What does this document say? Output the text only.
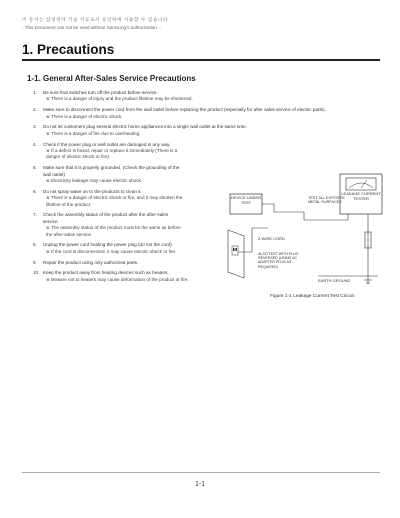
이 문서는 삼성전자 기술 자료로서 승인하에 사용할 수 있습니다
- This Document can not be used without Samsung's authorization. -
1. Precautions
1-1. General After-Sales Service Precautions
1. Be sure that switches turn off the product before service.
※ There is a danger of injury and the product lifetime may be shortened.
2. Make sure to disconnect the power cord from the wall outlet before replacing the product (especially for after sales service of electric parts).
※ There is a danger of electric shock.
3. Do not let customers plug several electric home appliances into a single wall outlet at the same time.
※ There is a danger of fire due to overheating.
4. Check if the power plug or wall outlet are damaged in any way.
※ If a defect is found, repair or replace it immediately (There is a danger of electric shock or fire).
5. Make sure that it is properly grounded. (Check the grounding of the wall outlet)
※ Electricity leakage may cause electric shock.
6. Do not spray water on to the products to clean it.
※ There is a danger of electric shock or fire, and it may shorten the lifetime of the product.
7. Check the assembly status of the product after the after-sales service.
※ The assembly status of the product must be the same as before the after-sales service.
8. Unplug the power cord holding the power plug (do not the cord).
※ If the cord is disconnected, it may cause electric shock or fire.
9. Repair the product using only authorized parts.
10. Keep the product away from heating devices such as heaters.
※ Beware not to heaters may cause deformation of the product or fire.
DEVICE UNDER TEST
LEAKAGE CURRENT TESTER
TEST ALL EXPOSED METAL SURFACES
2-WIRE CORD
ALSO TEST WITH PLUG REVERSED (USING AC ADAPTER PLUG AS REQUIRED)
EARTH GROUND
Figure 1-1 Leakage Current Test Circuit
1-1
